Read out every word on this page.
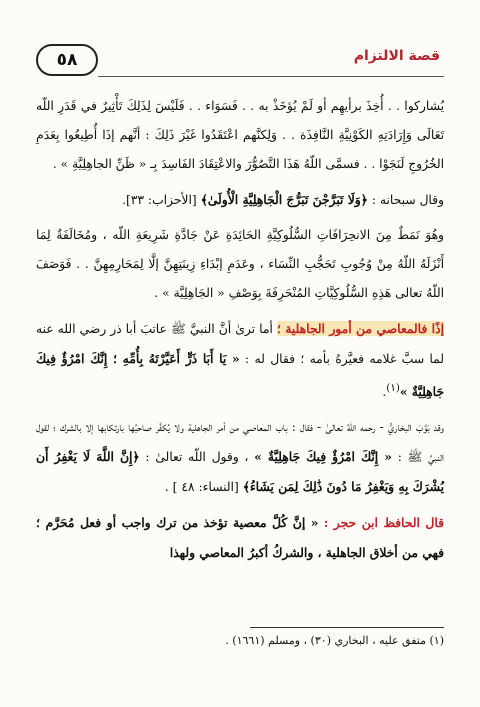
٥٨	قصة الالتزام

يُشاركوا . . أُخِذَ برأيهِم أو لَمْ يُؤخَذْ به . . فَسَوَاء . . فَلَيْسَ لِذَلِكَ تَأْثِيرٌ في قَدَرِ اللّه تَعَالَى وَإِرَادَتِهِ الكَوْنِيَّةِ النَّافِذَة . . وَلِكنَّهم اعْتَقَدُوا غَيْرَ ذَلِكَ : أنَّهم إذَا أُطِيعُوا بِعَدَمِ الخُرُوجِ لَنَجَوْا . . فسمَّى اللّهُ هَذَا التَّصُوُّرَ والاعْتِقَادَ الفَاسِدَ بِـ « ظَنِّ الجاهِلِيَّةِ » .

وقال سبحانه : ﴿وَلَا تَبَرَّجْنَ تَبَرُّجَ الْجَاهِلِيَّةِ الْأُولَىٰ﴾ [الأحزاب: ٣٣].

وهُوَ نَمَطٌ مِنَ الانحِرَافَاتِ السُّلُوكِيَّةِ الحَائِدَةِ عَنْ جَادَّةِ شَرِيعَةِ اللّه ، ومُخَالَفَةٌ لِمَا أَنْزَلَهُ اللّهُ مِنْ وُجُوبِ تَحَجُّبِ النِّسَاء ، وعَدَمِ إبْدَاءِ زِينَتِهِنَّ إلَّا لِمَحَارِمِهِنَّ . . فَوَصَفَ اللّهُ تعالى هَذِهِ السُّلُوكِيَّاتِ المُنْحَرِفَةَ بِوَصْفِ « الجَاهِلِيَّة » .

إذًا فالمعاصي من أمور الجاهلية ؛ أما ترىٰ أنَّ النبيَّ ﷺ عاتبَ أبا ذر رضي الله عنه لما سبَّ غلامه فعيَّرهُ بأمه ؛ فقال له : « يَا أَبَا ذَرٍّ أَعَيَّرْتَهُ بِأُمِّهِ ؛ إِنَّكَ امْرُؤٌ فِيكَ جَاهِلِيَّةٌ »$^{(١)}$.

وقد بَوَّبَ البخاريُّ - رحمه اللّهُ تعالىٰ - فقال : باب المعاصي من أمر الجاهلية ولا يُكفَّر صاحبُها بارتكابها إلا بالشرك ؛ لقول النبيِّ ﷺ : « إِنَّكَ امْرُؤٌ فِيكَ جَاهِلِيَّةٌ » ، وقول اللّه تعالىٰ : ﴿إِنَّ اللَّهَ لَا يَغْفِرُ أَن يُشْرَكَ بِهِ وَيَغْفِرُ مَا دُونَ ذَٰلِكَ لِمَن يَشَاءُ﴾ [النساء: ٤٨ ] .

قال الحافظ ابن حجر : « إنَّ كُلَّ معصية تؤخذ من ترك واجب أو فعل مُحَرَّم ؛ فهي من أخلاق الجاهلية ، والشركُ أكبرُ المعاصي ولهذا

(١) متفق عليه ، البخاري (٣٠) ، ومسلم (١٦٦١) .
